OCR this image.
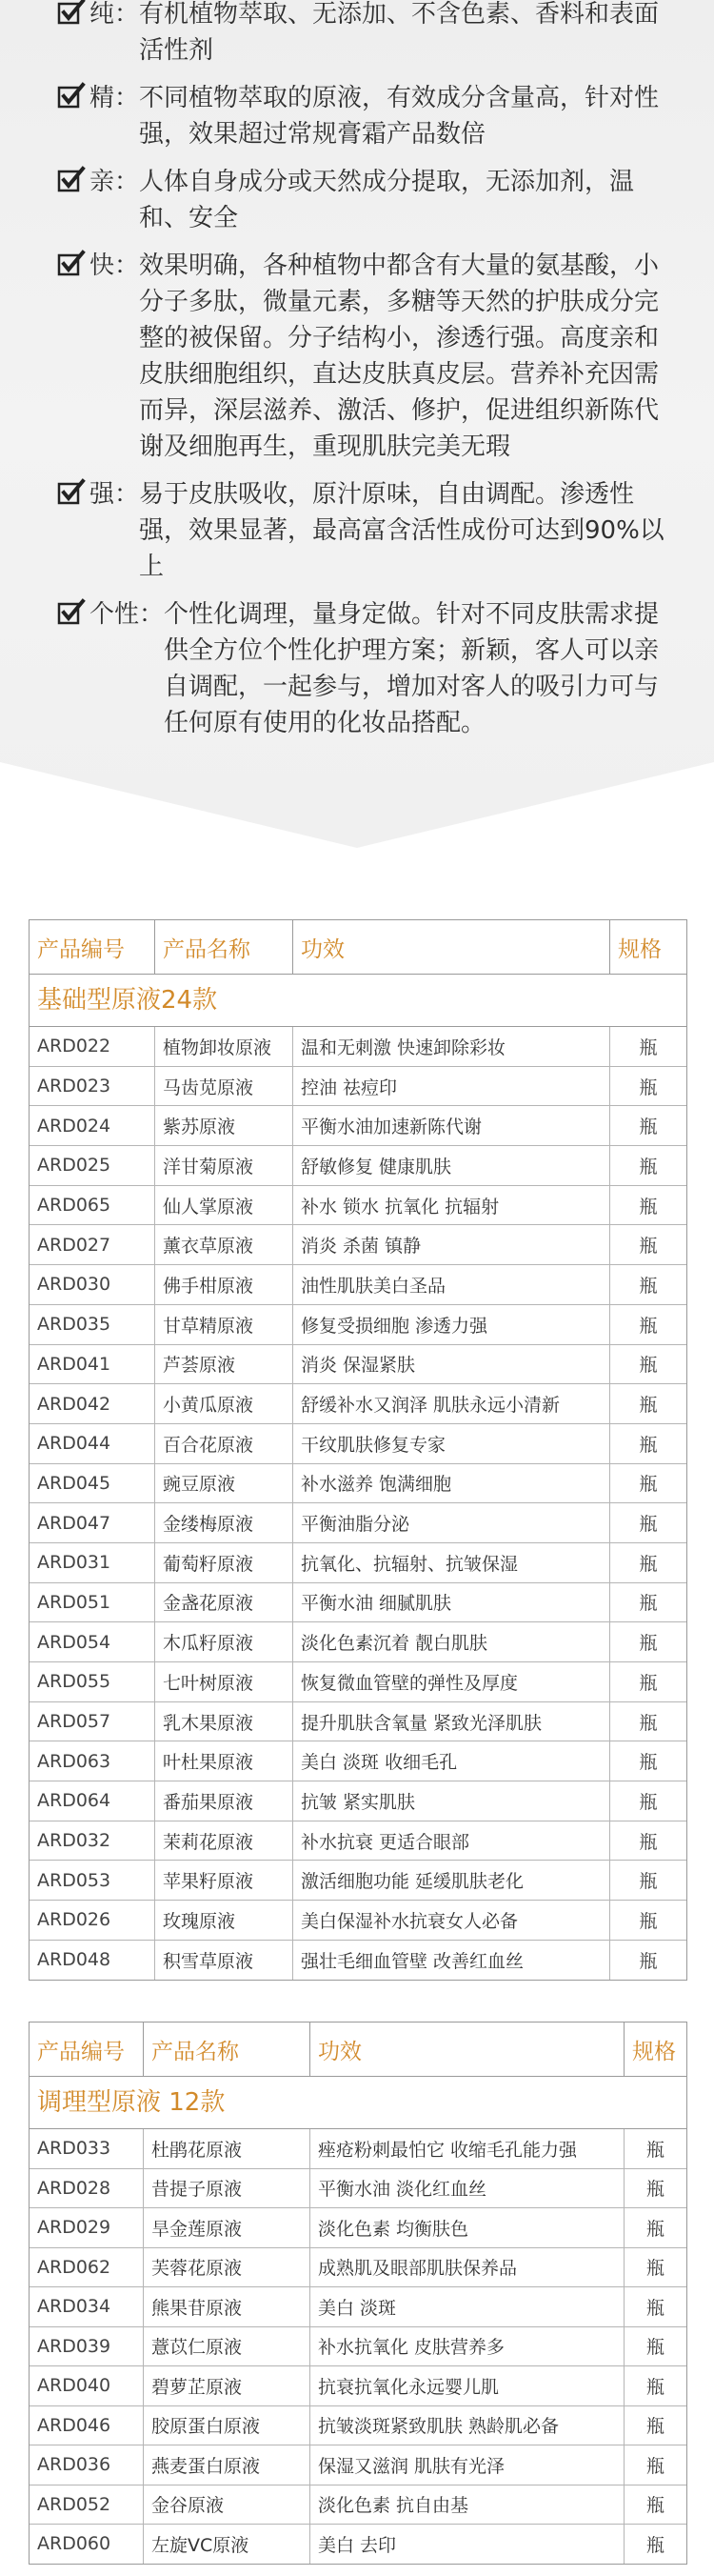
纯： 有机植物萃取、无添加、不含色素、香料和表面活性剂
精： 不同植物萃取的原液，有效成分含量高，针对性强，效果超过常规膏霜产品数倍
亲： 人体自身成分或天然成分提取，无添加剂，温和、安全
快： 效果明确，各种植物中都含有大量的氨基酸，小分子多肽，微量元素，多糖等天然的护肤成分完整的被保留。分子结构小，渗透行强。高度亲和皮肤细胞组织，直达皮肤真皮层。营养补充因需而异，深层滋养、激活、修护，促进组织新陈代谢及细胞再生，重现肌肤完美无瑕
强： 易于皮肤吸收，原汁原味，自由调配。渗透性强，效果显著，最高富含活性成份可达到90%以上
个性： 个性化调理，量身定做。针对不同皮肤需求提供全方位个性化护理方案；新颖，客人可以亲自调配，一起参与，增加对客人的吸引力可与任何原有使用的化妆品搭配。
产品编号	产品名称	功效	规格
基础型原液24款
ARD022	植物卸妆原液	温和无刺激 快速卸除彩妆	瓶
ARD023	马齿苋原液	控油 祛痘印	瓶
ARD024	紫苏原液	平衡水油加速新陈代谢	瓶
ARD025	洋甘菊原液	舒敏修复 健康肌肤	瓶
ARD065	仙人掌原液	补水 锁水 抗氧化 抗辐射	瓶
ARD027	薰衣草原液	消炎 杀菌 镇静	瓶
ARD030	佛手柑原液	油性肌肤美白圣品	瓶
ARD035	甘草精原液	修复受损细胞 渗透力强	瓶
ARD041	芦荟原液	消炎 保湿紧肤	瓶
ARD042	小黄瓜原液	舒缓补水又润泽 肌肤永远小清新	瓶
ARD044	百合花原液	干纹肌肤修复专家	瓶
ARD045	豌豆原液	补水滋养 饱满细胞	瓶
ARD047	金缕梅原液	平衡油脂分泌	瓶
ARD031	葡萄籽原液	抗氧化、抗辐射、抗皱保湿	瓶
ARD051	金盏花原液	平衡水油 细腻肌肤	瓶
ARD054	木瓜籽原液	淡化色素沉着 靓白肌肤	瓶
ARD055	七叶树原液	恢复微血管壁的弹性及厚度	瓶
ARD057	乳木果原液	提升肌肤含氧量 紧致光泽肌肤	瓶
ARD063	叶杜果原液	美白 淡斑 收细毛孔	瓶
ARD064	番茄果原液	抗皱 紧实肌肤	瓶
ARD032	茉莉花原液	补水抗衰 更适合眼部	瓶
ARD053	苹果籽原液	激活细胞功能 延缓肌肤老化	瓶
ARD026	玫瑰原液	美白保湿补水抗衰女人必备	瓶
ARD048	积雪草原液	强壮毛细血管壁 改善红血丝	瓶
产品编号	产品名称	功效	规格
调理型原液 12款
ARD033	杜鹃花原液	痤疮粉刺最怕它 收缩毛孔能力强	瓶
ARD028	昔提子原液	平衡水油 淡化红血丝	瓶
ARD029	旱金莲原液	淡化色素 均衡肤色	瓶
ARD062	芙蓉花原液	成熟肌及眼部肌肤保养品	瓶
ARD034	熊果苷原液	美白 淡斑	瓶
ARD039	薏苡仁原液	补水抗氧化 皮肤营养多	瓶
ARD040	碧萝芷原液	抗衰抗氧化永远婴儿肌	瓶
ARD046	胶原蛋白原液	抗皱淡斑紧致肌肤 熟龄肌必备	瓶
ARD036	燕麦蛋白原液	保湿又滋润 肌肤有光泽	瓶
ARD052	金谷原液	淡化色素 抗自由基	瓶
ARD060	左旋VC原液	美白 去印	瓶
